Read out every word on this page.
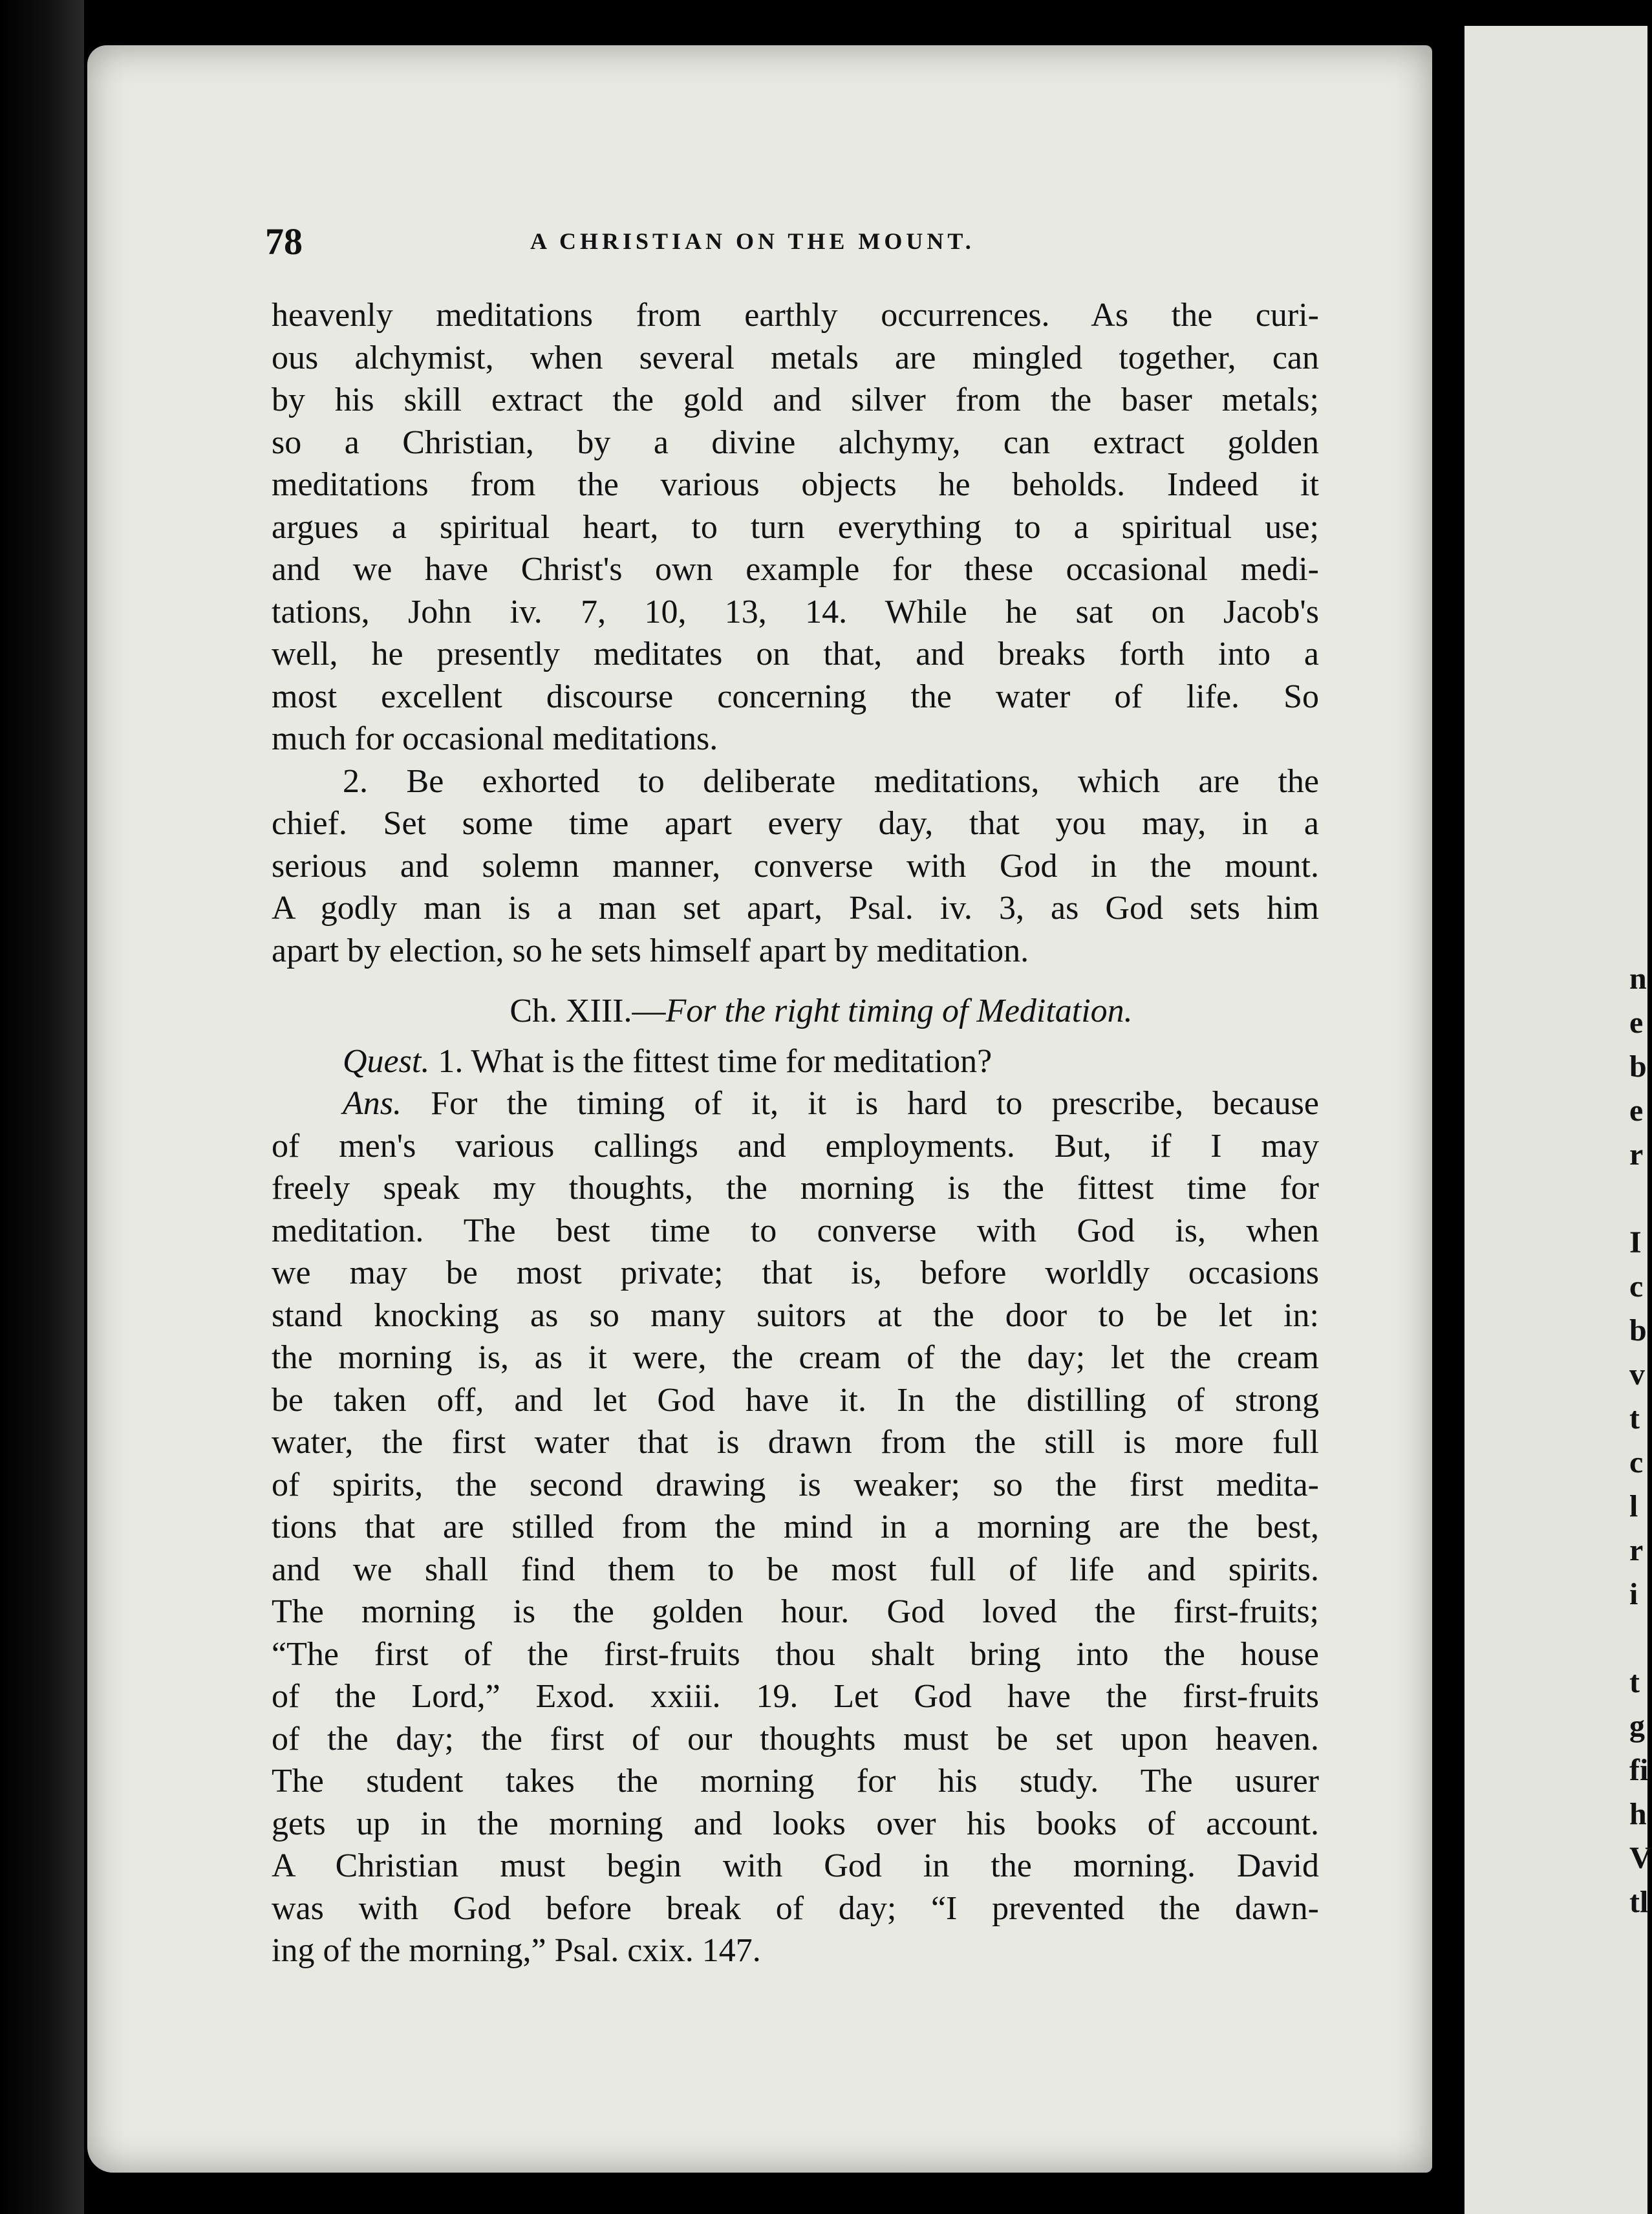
n
e
b
e
r

I
c
b
v
t
c
l
r
i

t
g
fi
h
V
tl
78	A CHRISTIAN ON THE MOUNT.
heavenly meditations from earthly occurrences. As the curi-
ous alchymist, when several metals are mingled together, can
by his skill extract the gold and silver from the baser metals;
so a Christian, by a divine alchymy, can extract golden
meditations from the various objects he beholds. Indeed it
argues a spiritual heart, to turn everything to a spiritual use;
and we have Christ's own example for these occasional medi-
tations, John iv. 7, 10, 13, 14. While he sat on Jacob's
well, he presently meditates on that, and breaks forth into a
most excellent discourse concerning the water of life. So
much for occasional meditations.
2. Be exhorted to deliberate meditations, which are the
chief. Set some time apart every day, that you may, in a
serious and solemn manner, converse with God in the mount.
A godly man is a man set apart, Psal. iv. 3, as God sets him
apart by election, so he sets himself apart by meditation.
Ch. XIII.—For the right timing of Meditation.
Quest. 1. What is the fittest time for meditation?
Ans. For the timing of it, it is hard to prescribe, because
of men's various callings and employments. But, if I may
freely speak my thoughts, the morning is the fittest time for
meditation. The best time to converse with God is, when
we may be most private; that is, before worldly occasions
stand knocking as so many suitors at the door to be let in:
the morning is, as it were, the cream of the day; let the cream
be taken off, and let God have it. In the distilling of strong
water, the first water that is drawn from the still is more full
of spirits, the second drawing is weaker; so the first medita-
tions that are stilled from the mind in a morning are the best,
and we shall find them to be most full of life and spirits.
The morning is the golden hour. God loved the first-fruits;
“The first of the first-fruits thou shalt bring into the house
of the Lord,” Exod. xxiii. 19. Let God have the first-fruits
of the day; the first of our thoughts must be set upon heaven.
The student takes the morning for his study. The usurer
gets up in the morning and looks over his books of account.
A Christian must begin with God in the morning. David
was with God before break of day; “I prevented the dawn-
ing of the morning,” Psal. cxix. 147.
